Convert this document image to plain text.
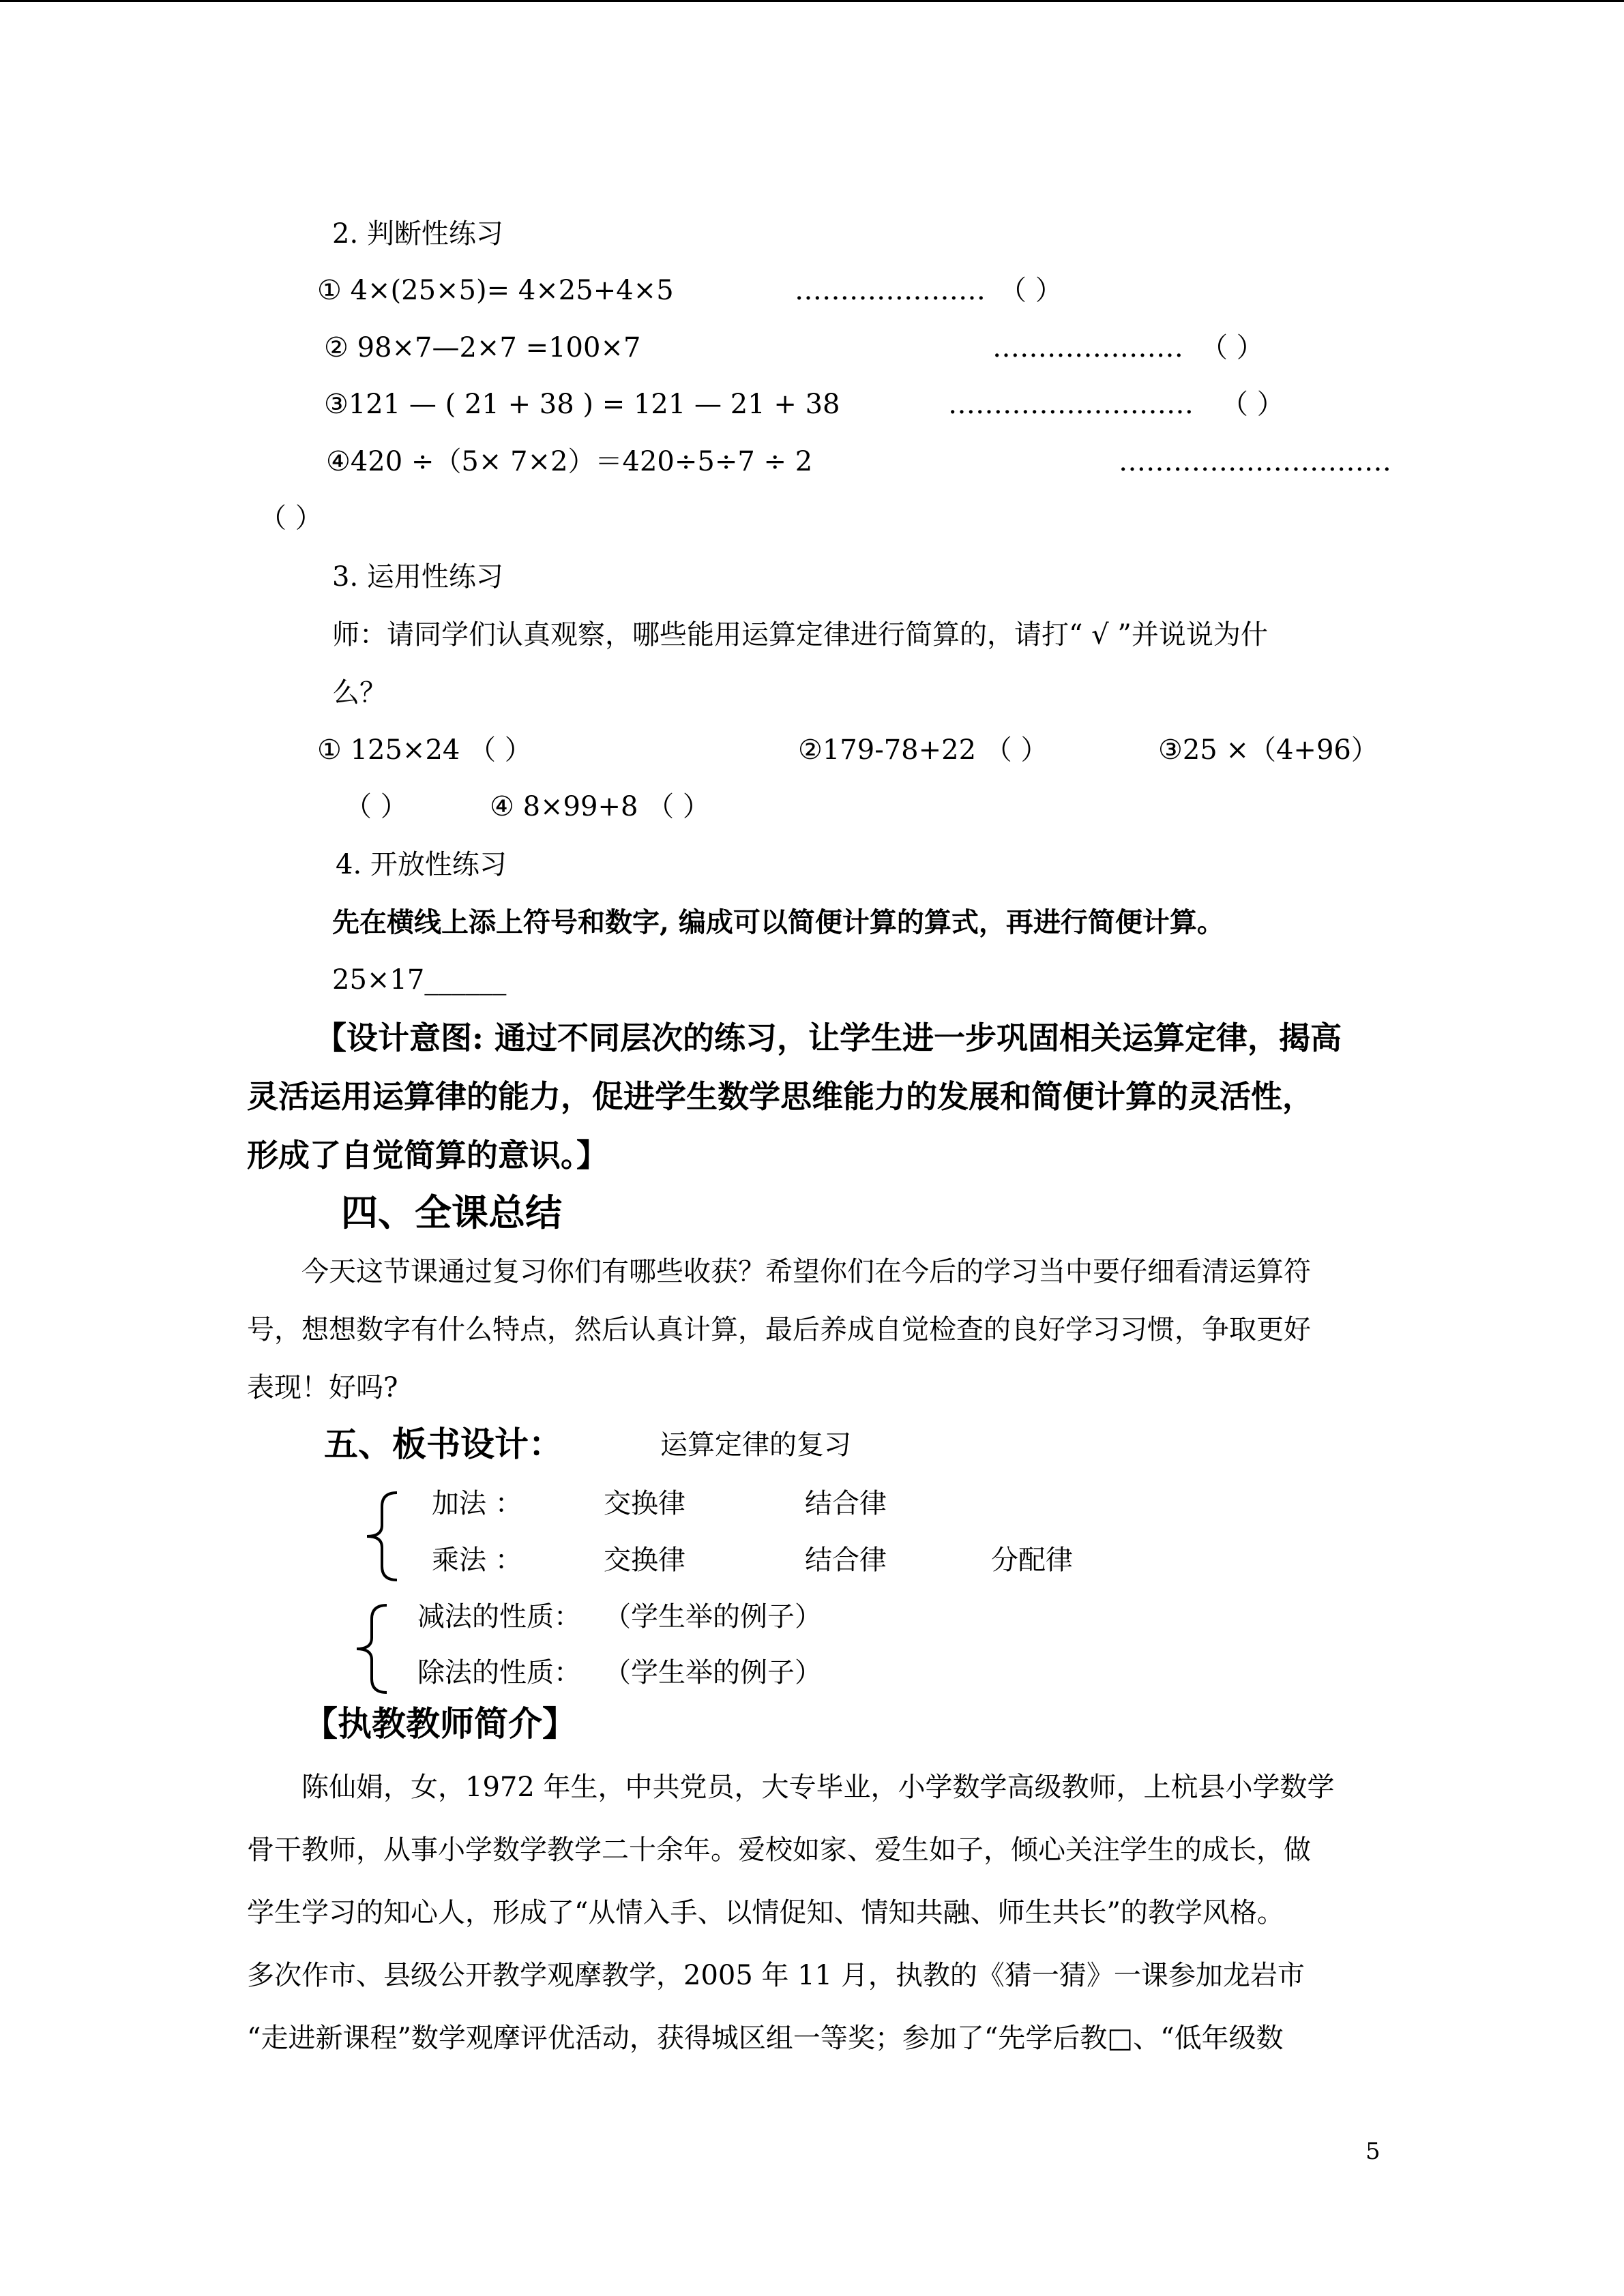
2. 判断性练习
① 4×(25×5)= 4×25+4×5	………………… （ ）
② 98×7—2×7 =100×7	………………… （ ）
③121 — ( 21 + 38 ) = 121 — 21 + 38	……………………… （ ）
④420 ÷（5× 7×2）＝420÷5÷7 ÷ 2	…………………………
（ ）
3. 运用性练习
师：请同学们认真观察，哪些能用运算定律进行简算的，请打“ √ ”并说说为什
么？
① 125×24 （ ）	②179-78+22 （ ）	③25 ×（4+96）
（ ）	④ 8×99+8 （ ）
4. 开放性练习
先在横线上添上符号和数字, 编成可以简便计算的算式，再进行简便计算。
25×17______
【设计意图: 通过不同层次的练习，让学生进一步巩固相关运算定律，揭高
灵活运用运算律的能力，促进学生数学思维能力的发展和简便计算的灵活性，
形成了自觉简算的意识。】
四、全课总结
今天这节课通过复习你们有哪些收获？希望你们在今后的学习当中要仔细看清运算符
号，想想数字有什么特点，然后认真计算，最后养成自觉检查的良好学习习惯，争取更好
表现！好吗?
五、板书设计：	运算定律的复习
加法 ：	交换律	结合律
乘法 ：	交换律	结合律	分配律
减法的性质： （学生举的例子）
除法的性质： （学生举的例子）
【执教教师简介】
陈仙娟，女，1972 年生，中共党员，大专毕业，小学数学高级教师，上杭县小学数学
骨干教师，从事小学数学教学二十余年。爱校如家、爱生如子，倾心关注学生的成长，做
学生学习的知心人，形成了“从情入手、以情促知、情知共融、师生共长”的教学风格。
多次作市、县级公开教学观摩教学，2005 年 11 月，执教的《猜一猜》一课参加龙岩市
“走进新课程”数学观摩评优活动，获得城区组一等奖；参加了“先学后教□、“低年级数
5
